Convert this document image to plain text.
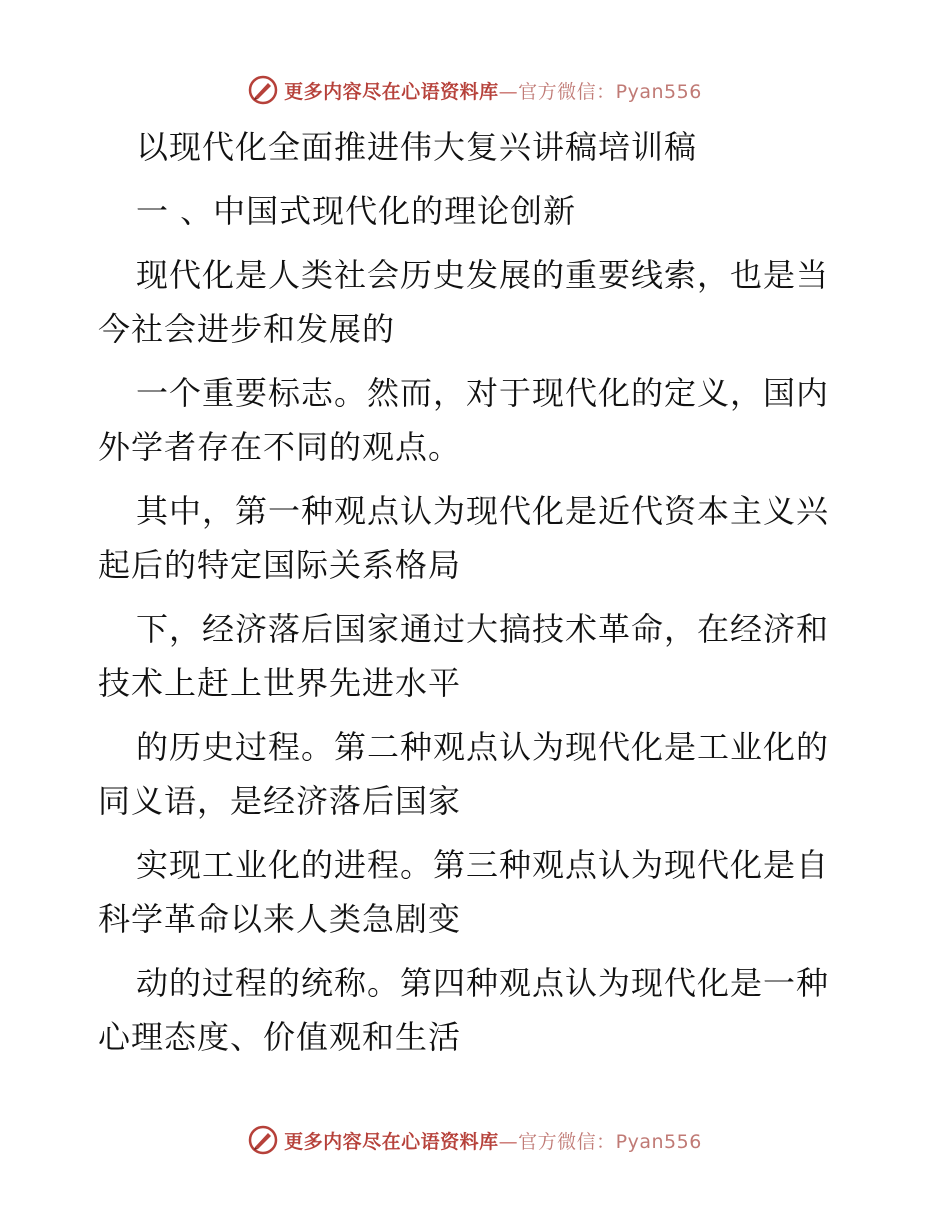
更多内容尽在心语资料库—官方微信：Pyan556
以现代化全面推进伟大复兴讲稿培训稿
一 、中国式现代化的理论创新
现代化是人类社会历史发展的重要线索，也是当
今社会进步和发展的
一个重要标志。然而，对于现代化的定义，国内
外学者存在不同的观点。
其中，第一种观点认为现代化是近代资本主义兴
起后的特定国际关系格局
下，经济落后国家通过大搞技术革命，在经济和
技术上赶上世界先进水平
的历史过程。第二种观点认为现代化是工业化的
同义语，是经济落后国家
实现工业化的进程。第三种观点认为现代化是自
科学革命以来人类急剧变
动的过程的统称。第四种观点认为现代化是一种
心理态度、价值观和生活
更多内容尽在心语资料库—官方微信：Pyan556
